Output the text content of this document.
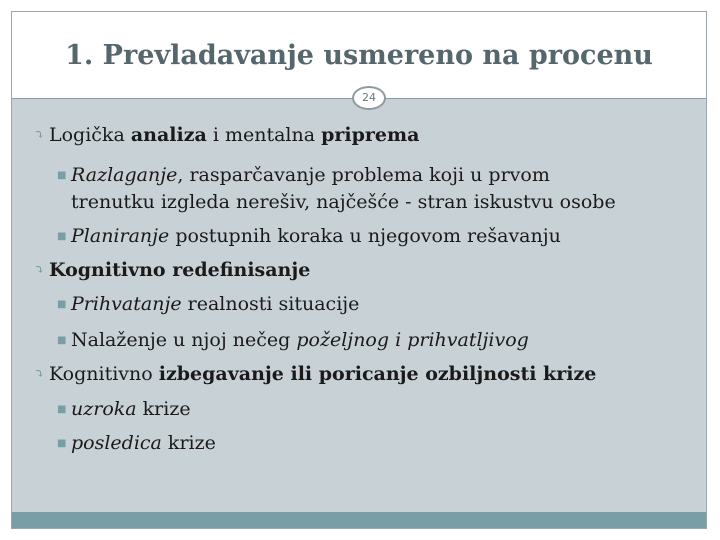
1. Prevladavanje usmereno na procenu
24
⤵ Logička analiza i mentalna priprema
■ Razlaganje, rasparčavanje problema koji u prvom
trenutku izgleda nerešiv, najčešće - stran iskustvu osobe
■ Planiranje postupnih koraka u njegovom rešavanju
⤵ Kognitivno redefinisanje
■ Prihvatanje realnosti situacije
■ Nalaženje u njoj nečeg poželjnog i prihvatljivog
⤵ Kognitivno izbegavanje ili poricanje ozbiljnosti krize
■ uzroka krize
■ posledica krize
